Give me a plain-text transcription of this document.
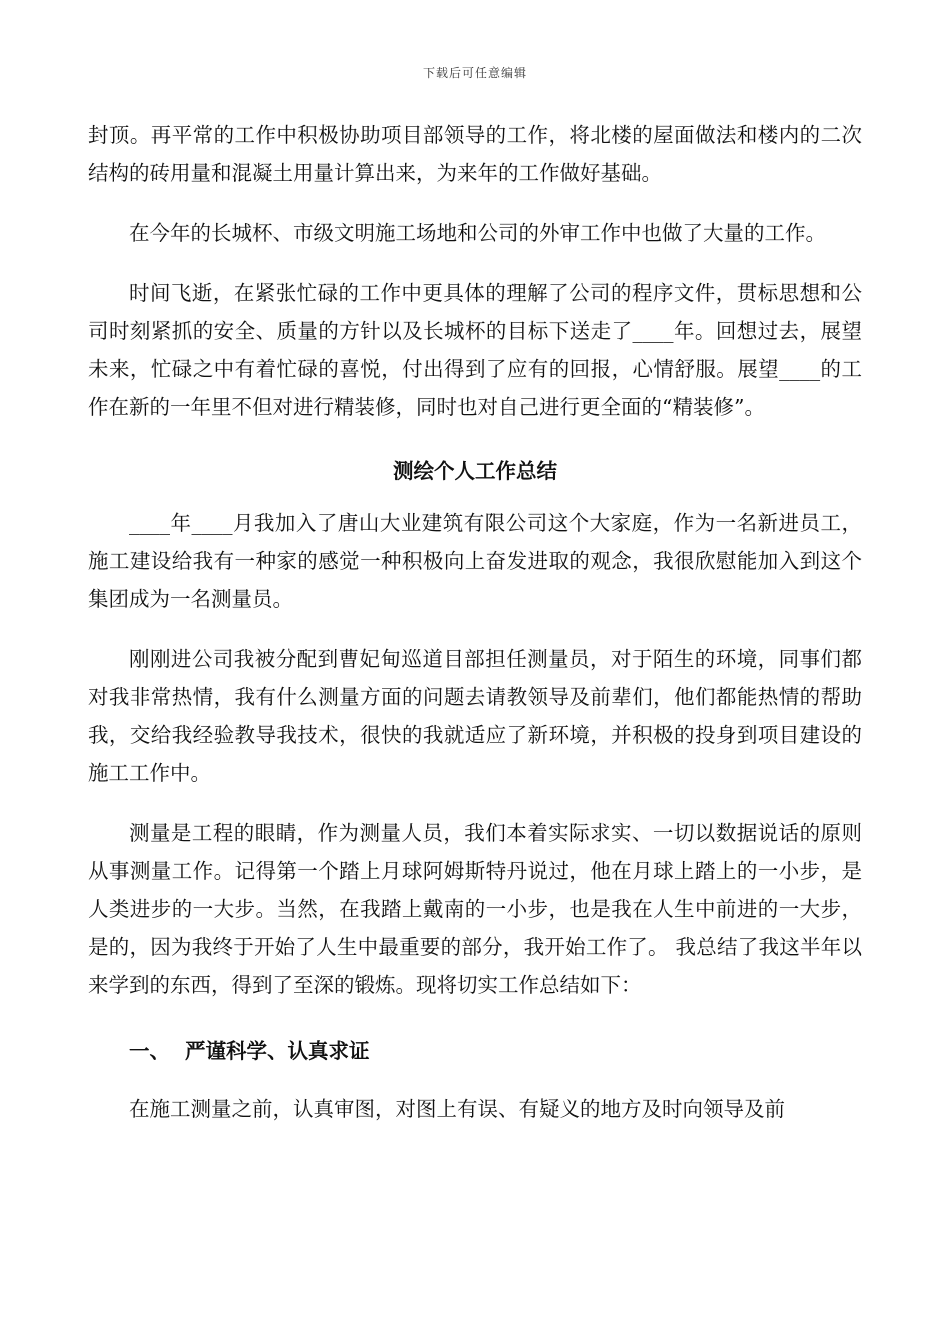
下载后可任意编辑

封顶。再平常的工作中积极协助项目部领导的工作，将北楼的屋面做法和楼内的二次结构的砖用量和混凝土用量计算出来，为来年的工作做好基础。

在今年的长城杯、市级文明施工场地和公司的外审工作中也做了大量的工作。

时间飞逝，在紧张忙碌的工作中更具体的理解了公司的程序文件，贯标思想和公司时刻紧抓的安全、质量的方针以及长城杯的目标下送走了____年。回想过去，展望未来，忙碌之中有着忙碌的喜悦，付出得到了应有的回报，心情舒服。展望____的工作在新的一年里不但对进行精装修，同时也对自己进行更全面的“精装修”。

测绘个人工作总结

____年____月我加入了唐山大业建筑有限公司这个大家庭，作为一名新进员工，施工建设给我有一种家的感觉一种积极向上奋发进取的观念，我很欣慰能加入到这个集团成为一名测量员。

刚刚进公司我被分配到曹妃甸巡道目部担任测量员，对于陌生的环境，同事们都对我非常热情，我有什么测量方面的问题去请教领导及前辈们，他们都能热情的帮助我，交给我经验教导我技术，很快的我就适应了新环境，并积极的投身到项目建设的施工工作中。

测量是工程的眼睛，作为测量人员，我们本着实际求实、一切以数据说话的原则从事测量工作。记得第一个踏上月球阿姆斯特丹说过，他在月球上踏上的一小步，是人类进步的一大步。当然，在我踏上戴南的一小步，也是我在人生中前进的一大步，是的，因为我终于开始了人生中最重要的部分，我开始工作了。 我总结了我这半年以来学到的东西，得到了至深的锻炼。现将切实工作总结如下：

一、 严谨科学、认真求证

在施工测量之前，认真审图，对图上有误、有疑义的地方及时向领导及前
